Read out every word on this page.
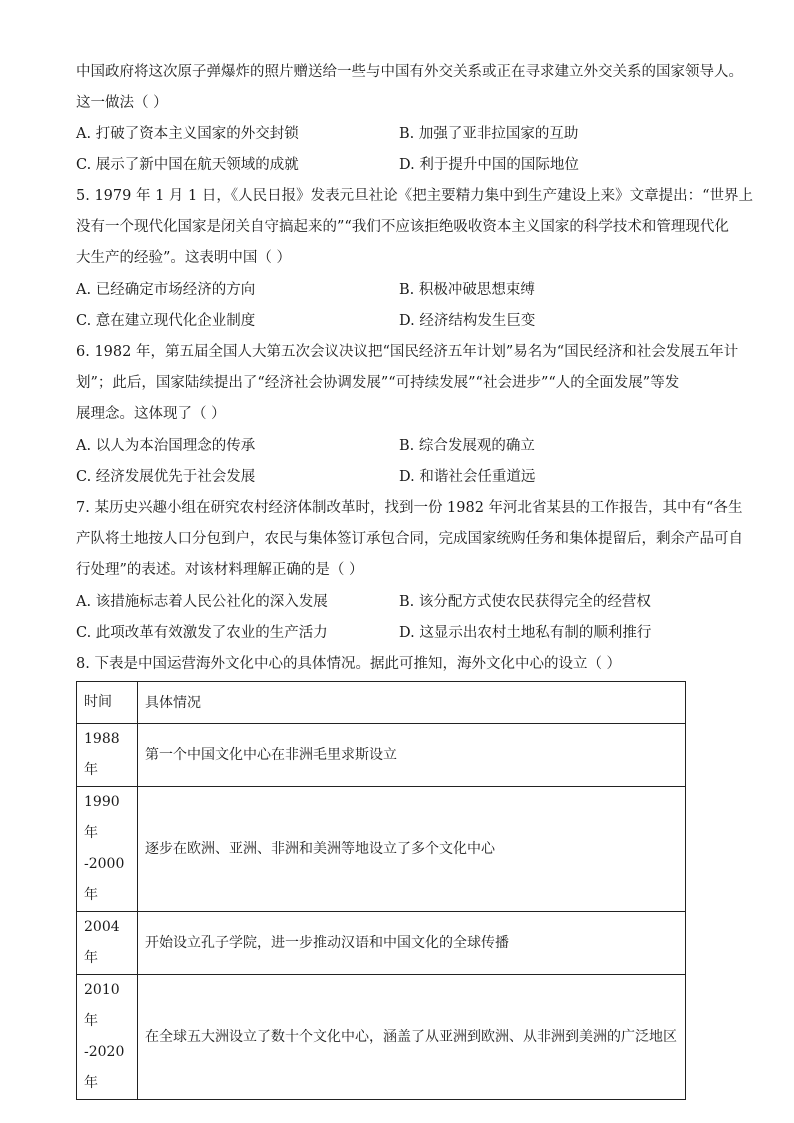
中国政府将这次原子弹爆炸的照片赠送给一些与中国有外交关系或正在寻求建立外交关系的国家领导人。
这一做法（ ）
A. 打破了资本主义国家的外交封锁	B. 加强了亚非拉国家的互助
C. 展示了新中国在航天领域的成就	D. 利于提升中国的国际地位
5. 1979 年 1 月 1 日，《人民日报》发表元旦社论《把主要精力集中到生产建设上来》文章提出：“世界上
没有一个现代化国家是闭关自守搞起来的”“我们不应该拒绝吸收资本主义国家的科学技术和管理现代化
大生产的经验”。这表明中国（ ）
A. 已经确定市场经济的方向	B. 积极冲破思想束缚
C. 意在建立现代化企业制度	D. 经济结构发生巨变
6. 1982 年，第五届全国人大第五次会议决议把“国民经济五年计划”易名为“国民经济和社会发展五年计
划”；此后，国家陆续提出了“经济社会协调发展”“可持续发展”“社会进步”“人的全面发展”等发
展理念。这体现了（ ）
A. 以人为本治国理念的传承	B. 综合发展观的确立
C. 经济发展优先于社会发展	D. 和谐社会任重道远
7. 某历史兴趣小组在研究农村经济体制改革时，找到一份 1982 年河北省某县的工作报告，其中有“各生
产队将土地按人口分包到户，农民与集体签订承包合同，完成国家统购任务和集体提留后，剩余产品可自
行处理”的表述。对该材料理解正确的是（ ）
A. 该措施标志着人民公社化的深入发展	B. 该分配方式使农民获得完全的经营权
C. 此项改革有效激发了农业的生产活力	D. 这显示出农村土地私有制的顺利推行
8. 下表是中国运营海外文化中心的具体情况。据此可推知，海外文化中心的设立（ ）
时间	具体情况
1988年	第一个中国文化中心在非洲毛里求斯设立

1990年
-2000
年	逐步在欧洲、亚洲、非洲和美洲等地设立了多个文化中心
2004年	开始设立孔子学院，进一步推动汉语和中国文化的全球传播

2010年
-2020
年	在全球五大洲设立了数十个文化中心，涵盖了从亚洲到欧洲、从非洲到美洲的广泛地区
